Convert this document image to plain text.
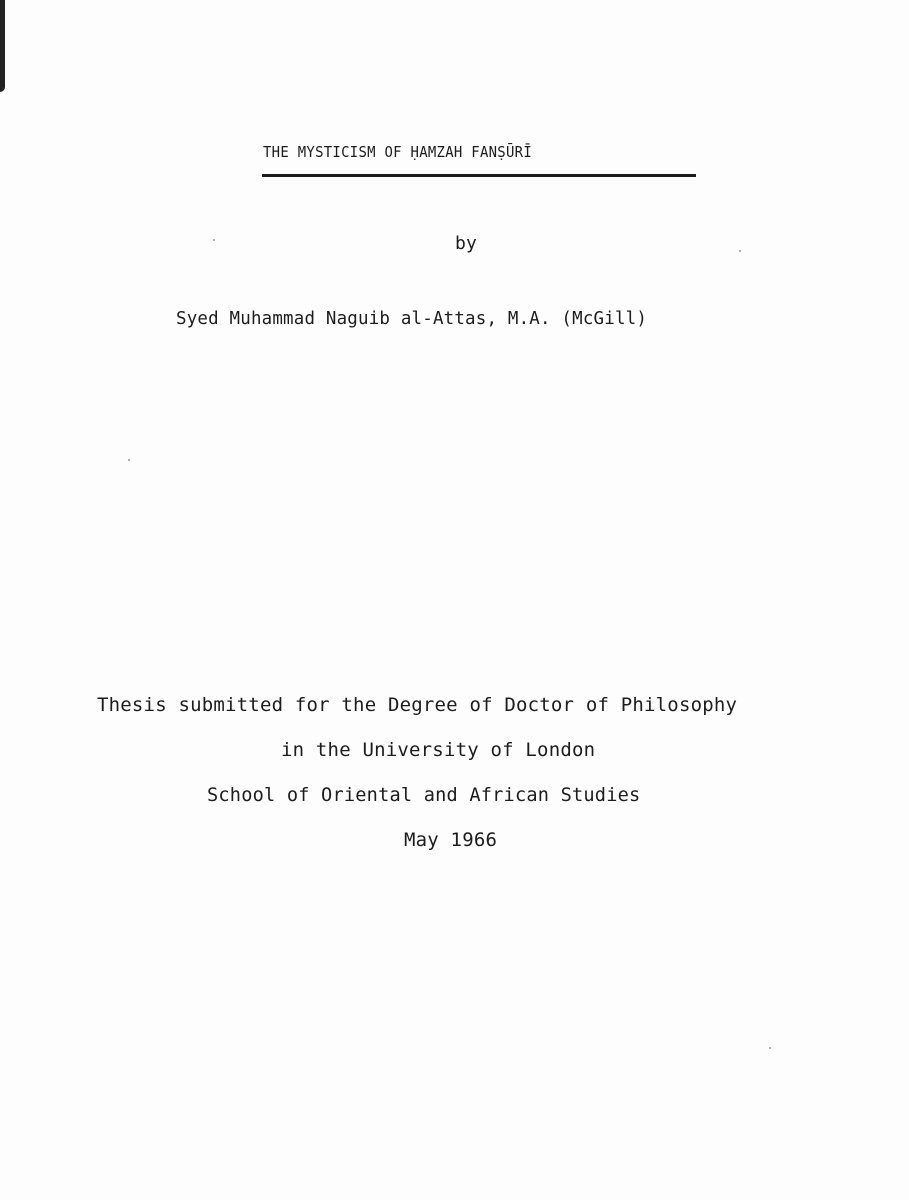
THE MYSTICISM OF ḤAMZAH FANṢŪRĪ
by
Syed Muhammad Naguib al-Attas, M.A. (McGill)
Thesis submitted for the Degree of Doctor of Philosophy
in the University of London
School of Oriental and African Studies
May 1966
